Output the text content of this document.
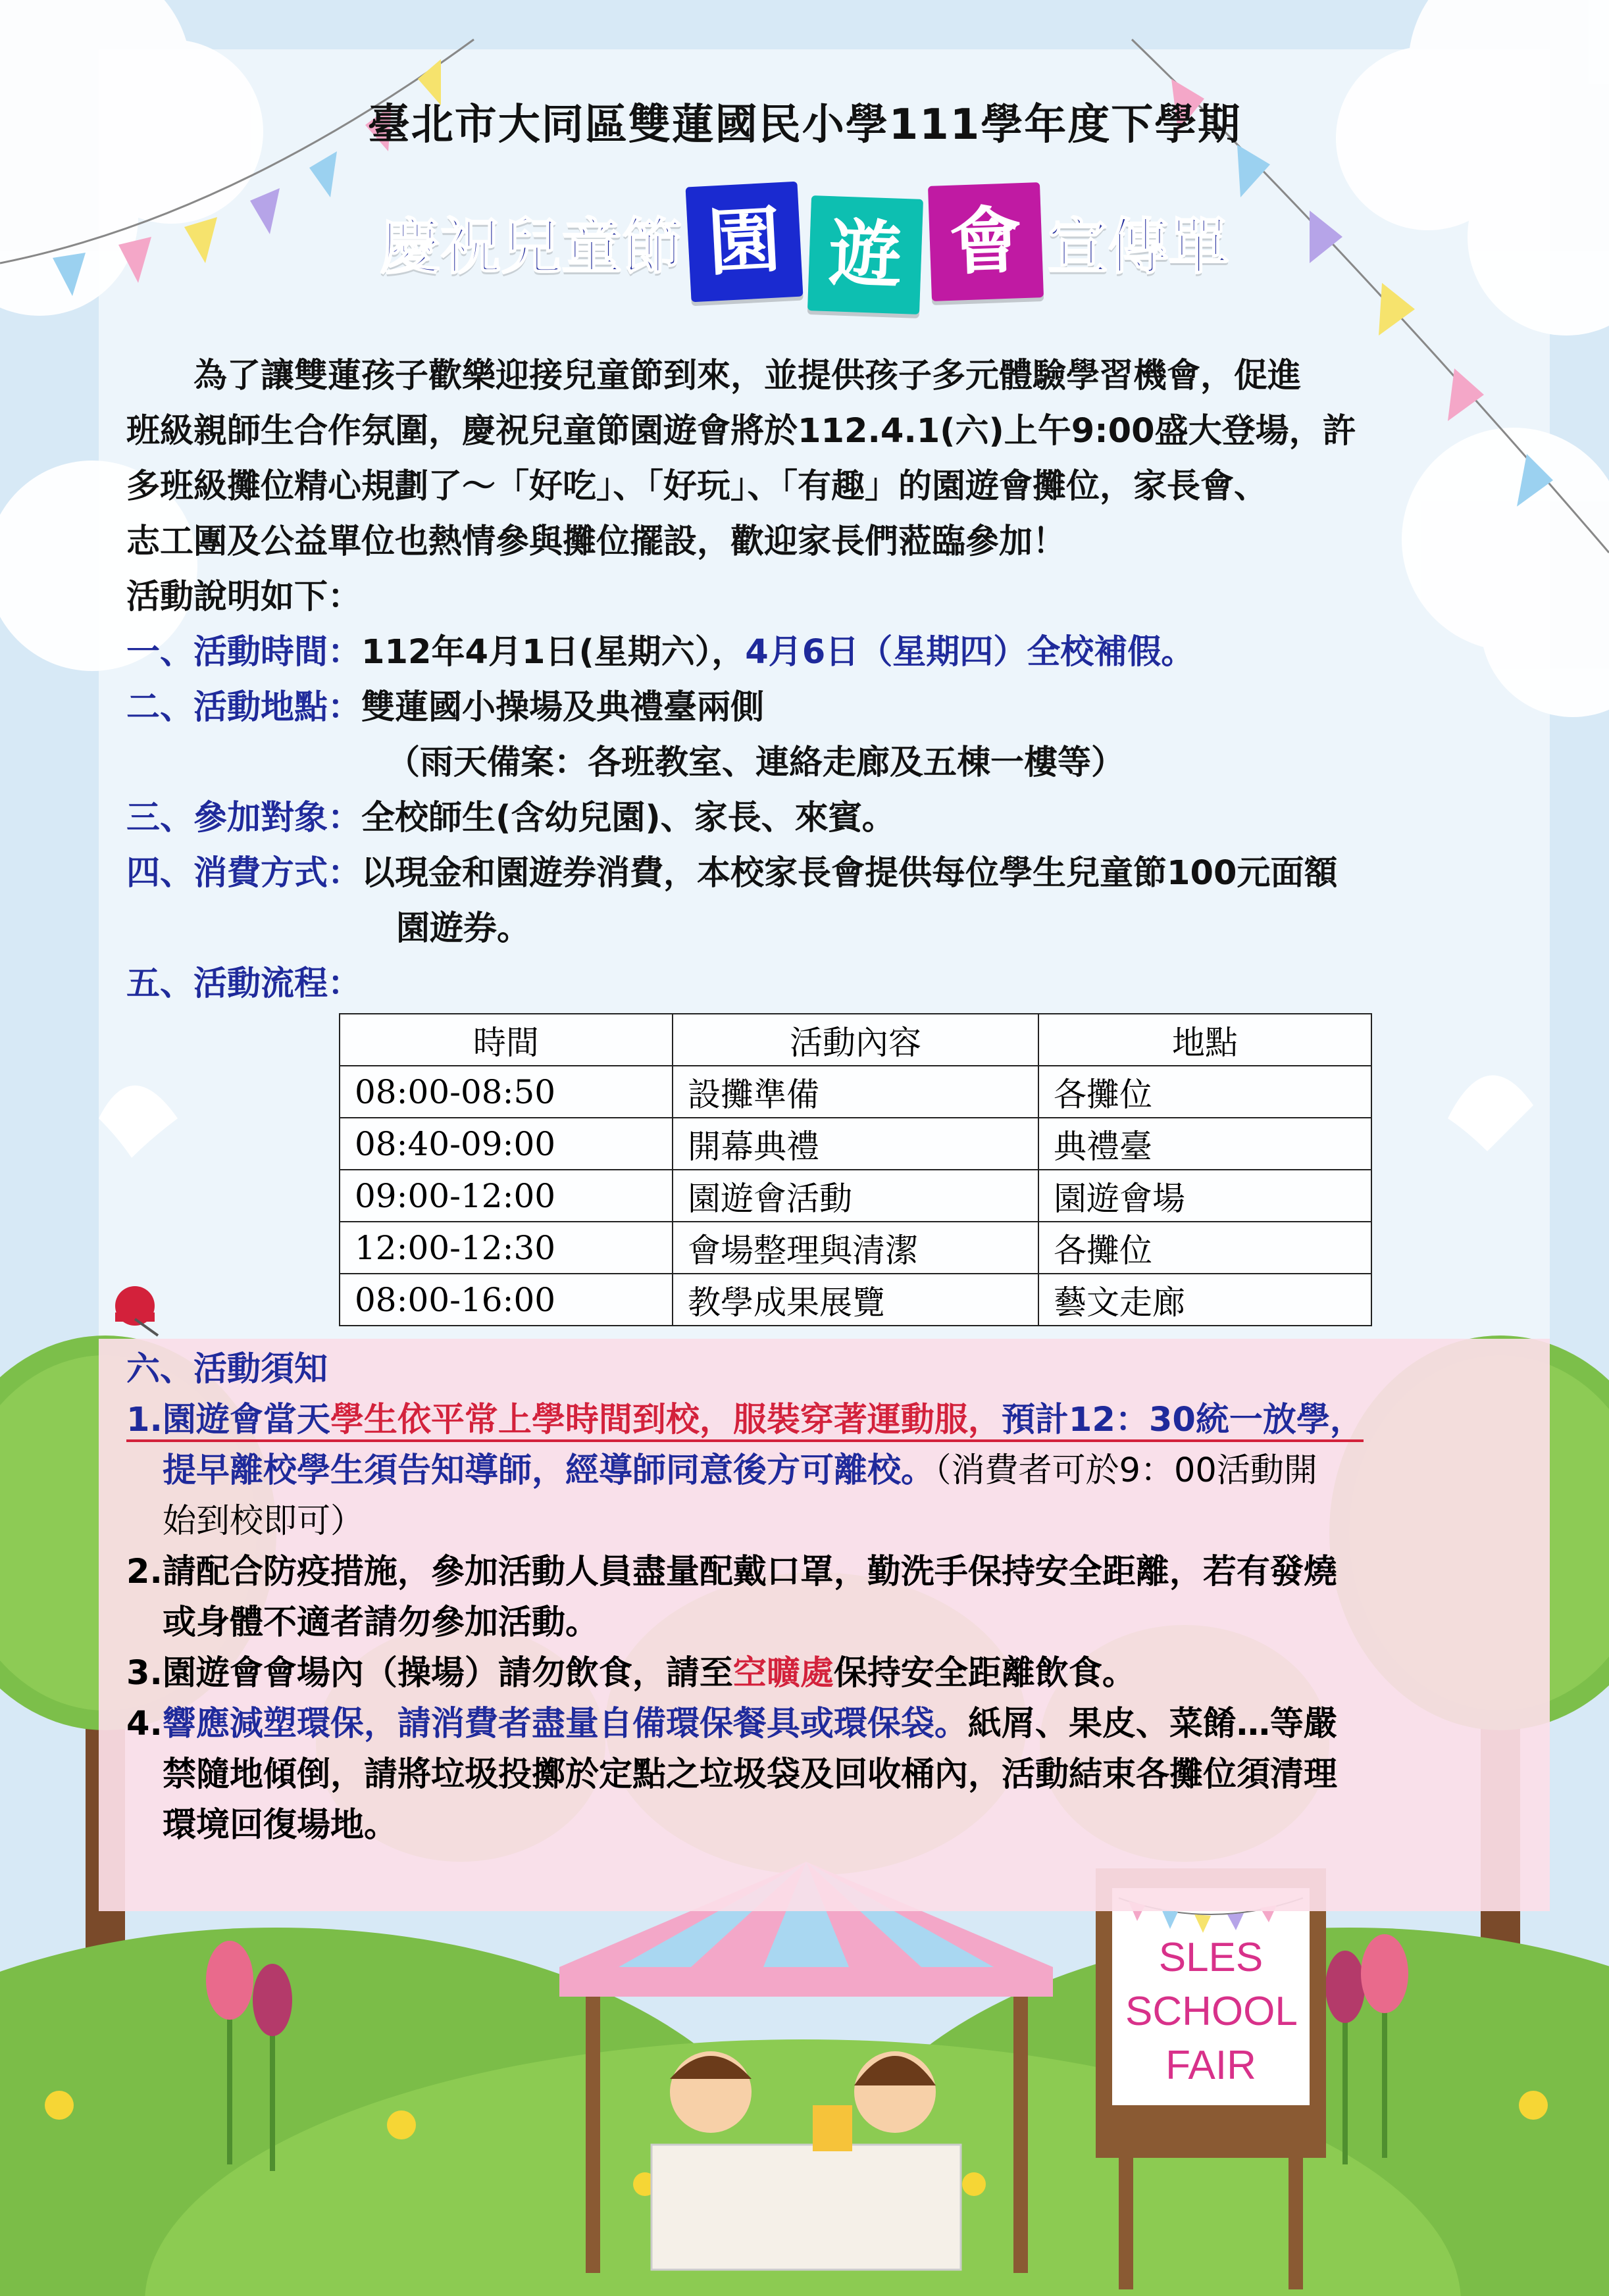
臺北市大同區雙蓮國民小學111學年度下學期
慶祝兒童節 園 遊 會 宣傳單
　　為了讓雙蓮孩子歡樂迎接兒童節到來，並提供孩子多元體驗學習機會，促進
班級親師生合作氛圍，慶祝兒童節園遊會將於112.4.1(六)上午9:00盛大登場，許
多班級攤位精心規劃了～「好吃」、「好玩」、「有趣」的園遊會攤位，家長會、
志工團及公益單位也熱情參與攤位擺設，歡迎家長們蒞臨參加！
活動說明如下：
一、活動時間：112年4月1日(星期六），4月6日（星期四）全校補假。
二、活動地點：雙蓮國小操場及典禮臺兩側
（雨天備案：各班教室、連絡走廊及五棟一樓等）
三、參加對象：全校師生(含幼兒園)、家長、來賓。
四、消費方式：以現金和園遊券消費，本校家長會提供每位學生兒童節100元面額
園遊券。
五、活動流程：
時間	活動內容	地點
08:00-08:50	設攤準備	各攤位
08:40-09:00	開幕典禮	典禮臺
09:00-12:00	園遊會活動	園遊會場
12:00-12:30	會場整理與清潔	各攤位
08:00-16:00	教學成果展覽	藝文走廊
六、活動須知
1.園遊會當天學生依平常上學時間到校，服裝穿著運動服，預計12：30統一放學，
提早離校學生須告知導師，經導師同意後方可離校。（消費者可於9：00活動開
始到校即可）
2.請配合防疫措施，參加活動人員盡量配戴口罩，勤洗手保持安全距離，若有發燒
或身體不適者請勿參加活動。
3.園遊會會場內（操場）請勿飲食，請至空曠處保持安全距離飲食。
4.響應減塑環保，請消費者盡量自備環保餐具或環保袋。紙屑、果皮、菜餚…等嚴
禁隨地傾倒，請將垃圾投擲於定點之垃圾袋及回收桶內，活動結束各攤位須清理
環境回復場地。
SLES
SCHOOL
FAIR
